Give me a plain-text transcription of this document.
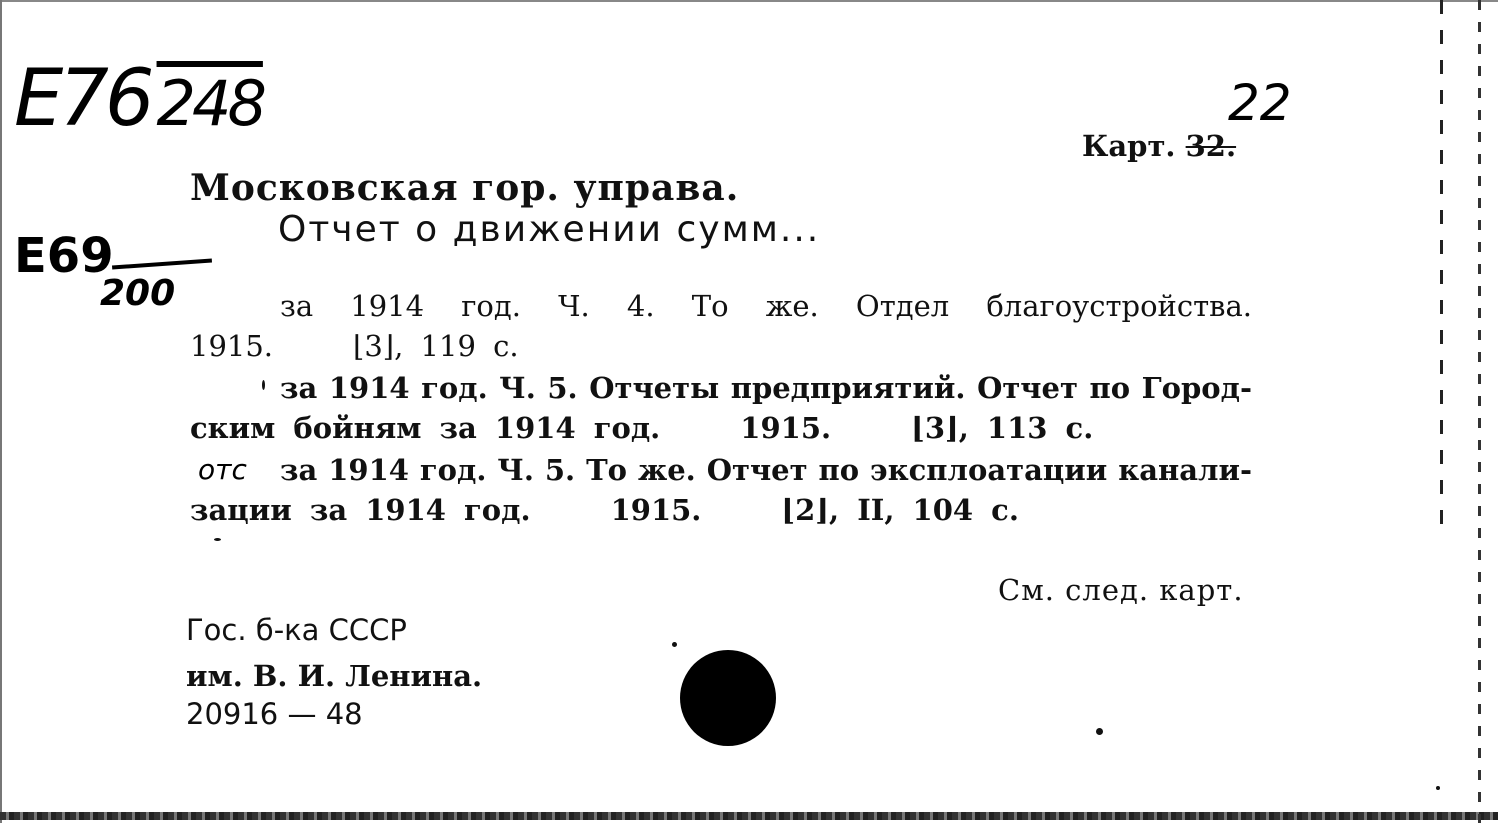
E76248
E69
200
22
отс
Карт. 32.
Московская гор. управа.
Отчет о движении сумм...
за 1914 год. Ч. 4. То же. Отдел благоустройства.
1915.	⌊3⌋, 119 с.
за 1914 год. Ч. 5. Отчеты предприятий. Отчет по Город-
ским бойням за 1914 год.	1915.	⌊3⌋, 113 с.
за 1914 год. Ч. 5. То же. Отчет по эксплоатации канали-
зации за 1914 год.	1915.	⌊2⌋, II, 104 с.
См. след. карт.
Гос. б-ка СССР
им. В. И. Ленина.
20916 — 48
